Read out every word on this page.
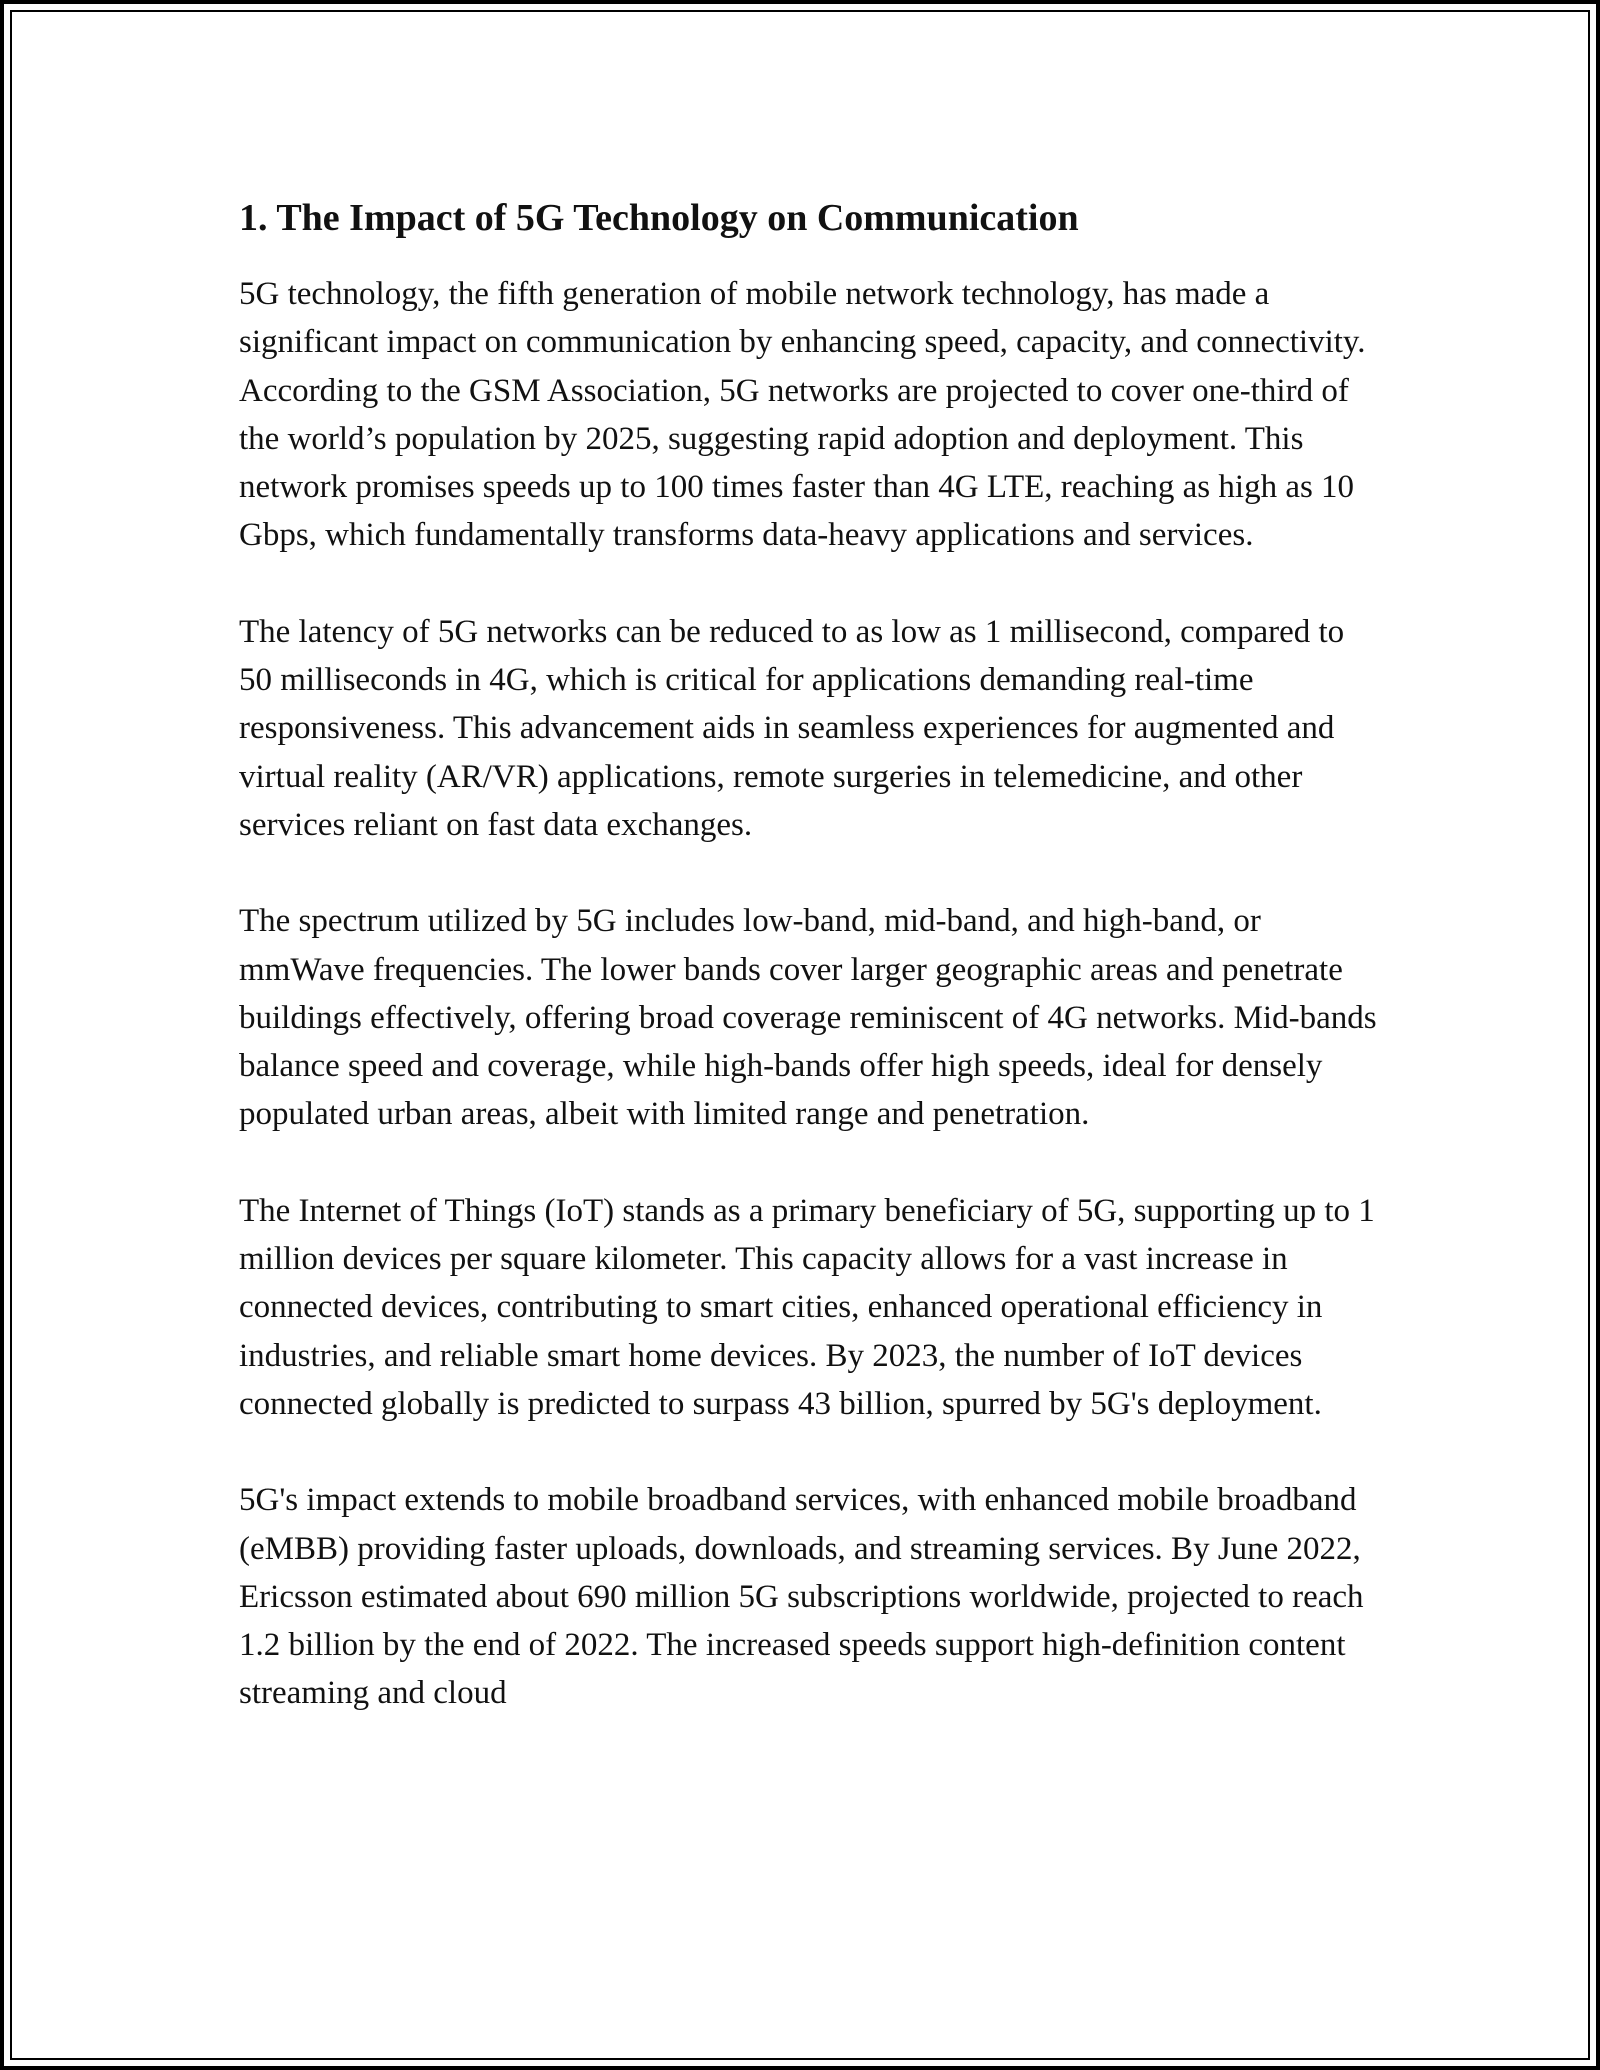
1. The Impact of 5G Technology on Communication

5G technology, the fifth generation of mobile network technology, has made a significant impact on communication by enhancing speed, capacity, and connectivity. According to the GSM Association, 5G networks are projected to cover one-third of the world’s population by 2025, suggesting rapid adoption and deployment. This network promises speeds up to 100 times faster than 4G LTE, reaching as high as 10 Gbps, which fundamentally transforms data-heavy applications and services.

The latency of 5G networks can be reduced to as low as 1 millisecond, compared to 50 milliseconds in 4G, which is critical for applications demanding real-time responsiveness. This advancement aids in seamless experiences for augmented and virtual reality (AR/VR) applications, remote surgeries in telemedicine, and other services reliant on fast data exchanges.

The spectrum utilized by 5G includes low-band, mid-band, and high-band, or mmWave frequencies. The lower bands cover larger geographic areas and penetrate buildings effectively, offering broad coverage reminiscent of 4G networks. Mid-bands balance speed and coverage, while high-bands offer high speeds, ideal for densely populated urban areas, albeit with limited range and penetration.

The Internet of Things (IoT) stands as a primary beneficiary of 5G, supporting up to 1 million devices per square kilometer. This capacity allows for a vast increase in connected devices, contributing to smart cities, enhanced operational efficiency in industries, and reliable smart home devices. By 2023, the number of IoT devices connected globally is predicted to surpass 43 billion, spurred by 5G's deployment.

5G's impact extends to mobile broadband services, with enhanced mobile broadband (eMBB) providing faster uploads, downloads, and streaming services. By June 2022, Ericsson estimated about 690 million 5G subscriptions worldwide, projected to reach 1.2 billion by the end of 2022. The increased speeds support high-definition content streaming and cloud
